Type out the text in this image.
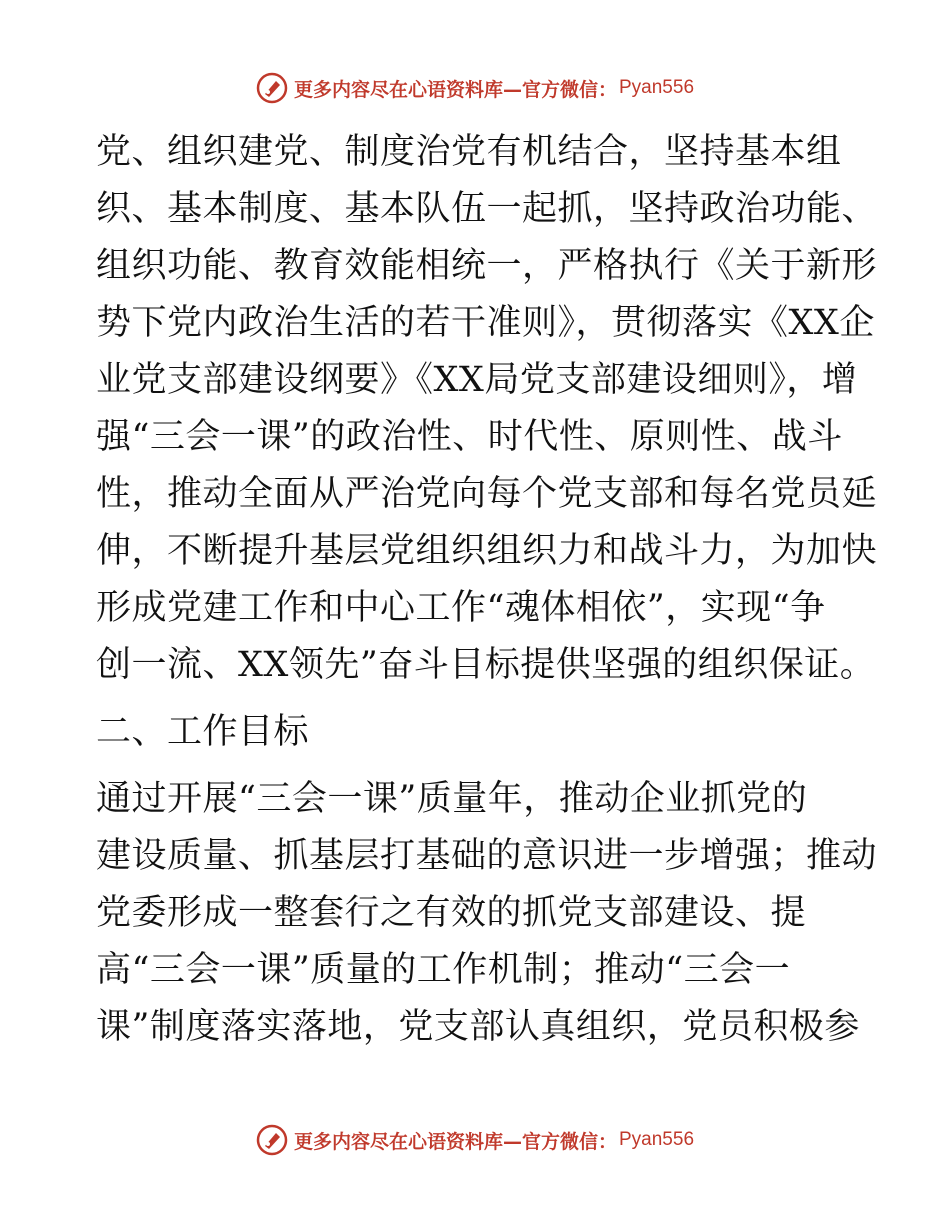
更多内容尽在心语资料库—官方微信： Pyan556
党、组织建党、制度治党有机结合，坚持基本组
织、基本制度、基本队伍一起抓，坚持政治功能、
组织功能、教育效能相统一，严格执行《关于新形
势下党内政治生活的若干准则》，贯彻落实《XX企
业党支部建设纲要》《XX局党支部建设细则》，增
强“三会一课”的政治性、时代性、原则性、战斗
性，推动全面从严治党向每个党支部和每名党员延
伸，不断提升基层党组织组织力和战斗力，为加快
形成党建工作和中心工作“魂体相依”，实现“争
创一流、XX领先”奋斗目标提供坚强的组织保证。
二、工作目标
通过开展“三会一课”质量年，推动企业抓党的
建设质量、抓基层打基础的意识进一步增强；推动
党委形成一整套行之有效的抓党支部建设、提
高“三会一课”质量的工作机制；推动“三会一
课”制度落实落地，党支部认真组织，党员积极参
更多内容尽在心语资料库—官方微信： Pyan556
